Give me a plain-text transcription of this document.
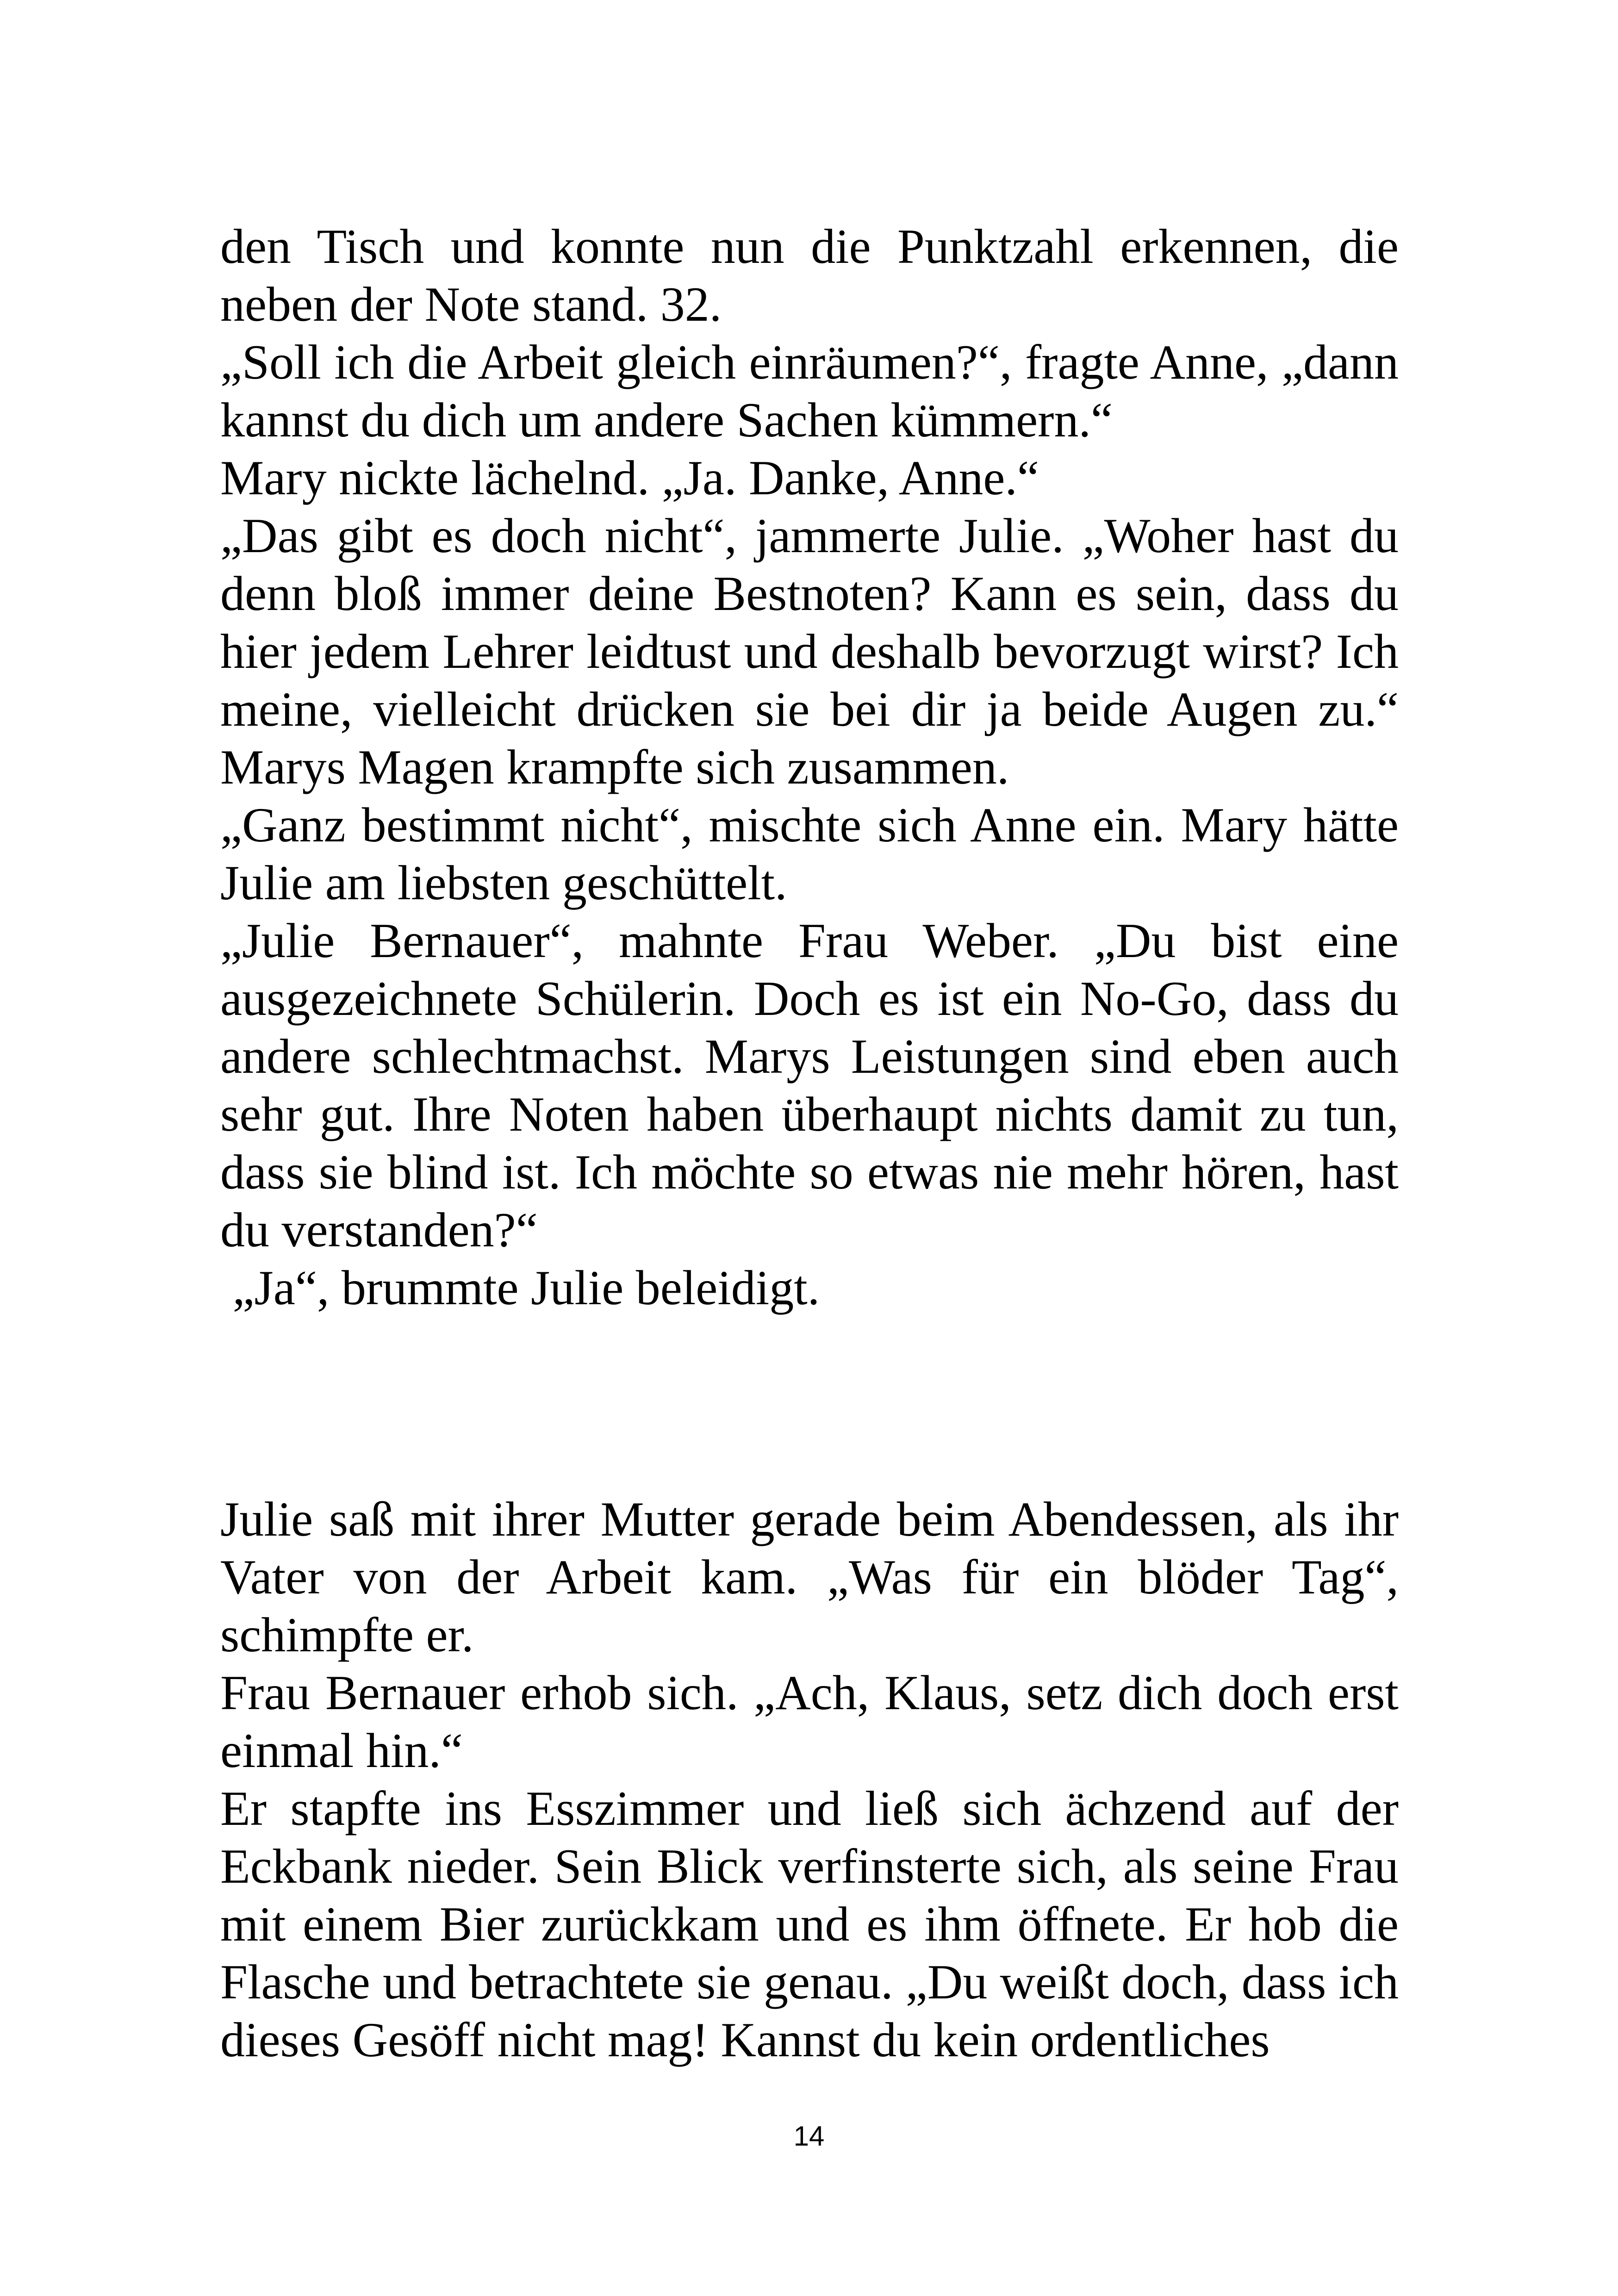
den Tisch und konnte nun die Punktzahl erkennen, die neben der Note stand. 32.

„Soll ich die Arbeit gleich einräumen?“, fragte Anne, „dann kannst du dich um andere Sachen kümmern.“

Mary nickte lächelnd. „Ja. Danke, Anne.“

„Das gibt es doch nicht“, jammerte Julie. „Woher hast du denn bloß immer deine Bestnoten? Kann es sein, dass du hier jedem Lehrer leidtust und deshalb bevorzugt wirst? Ich meine, vielleicht drücken sie bei dir ja beide Augen zu.“ Marys Magen krampfte sich zusammen.

„Ganz bestimmt nicht“, mischte sich Anne ein. Mary hätte Julie am liebsten geschüttelt.

„Julie Bernauer“, mahnte Frau Weber. „Du bist eine ausgezeichnete Schülerin. Doch es ist ein No-Go, dass du andere schlechtmachst. Marys Leistungen sind eben auch sehr gut. Ihre Noten haben überhaupt nichts damit zu tun, dass sie blind ist. Ich möchte so etwas nie mehr hören, hast du verstanden?“

„Ja“, brummte Julie beleidigt.

Julie saß mit ihrer Mutter gerade beim Abendessen, als ihr Vater von der Arbeit kam. „Was für ein blöder Tag“, schimpfte er.

Frau Bernauer erhob sich. „Ach, Klaus, setz dich doch erst einmal hin.“

Er stapfte ins Esszimmer und ließ sich ächzend auf der Eckbank nieder. Sein Blick verfinsterte sich, als seine Frau mit einem Bier zurückkam und es ihm öffnete. Er hob die Flasche und betrachtete sie genau. „Du weißt doch, dass ich dieses Gesöff nicht mag! Kannst du kein ordentliches

14
